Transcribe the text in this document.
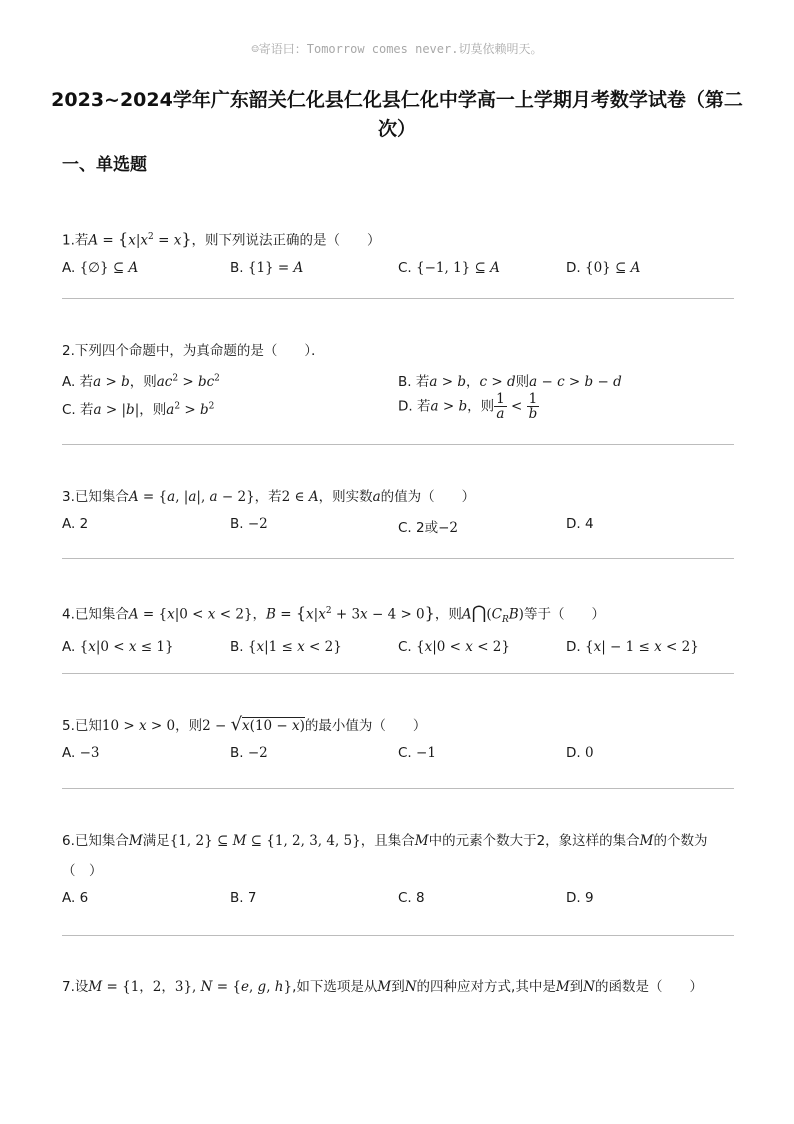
☺寄语曰：Tomorrow comes never.切莫依赖明天。
2023~2024学年广东韶关仁化县仁化县仁化中学高一上学期月考数学试卷（第二次）
一、单选题
1.若$A = \{x|x^2 = x\}$，则下列说法正确的是（　　）
A. {∅} ⊆ A	B. {1} = A	C. {−1, 1} ⊆ A	D. {0} ⊆ A
2.下列四个命题中，为真命题的是（　　）．
A. 若a > b，则$ac^2 > bc^2$	B. 若a > b，c > d则a − c > b − d
C. 若a > |b|，则$a^2 > b^2$	D. 若a > b，则 $\frac{1}{a} < \frac{1}{b}$
3.已知集合A = {a, |a|, a − 2}，若2 ∈ A，则实数a的值为（　　）
A. 2	B. −2	C. 2或−2	D. 4
4.已知集合A = {x|0 < x < 2}，$B = \{x|x^2 + 3x - 4 > 0\}$，则$A⋂(C_RB)$等于（　　）
A. {x|0 < x ≤ 1}	B. {x|1 ≤ x < 2}	C. {x|0 < x < 2}	D. {x| − 1 ≤ x < 2}
5.已知10 > x > 0，则2 − √x(10 − x)的最小值为（　　）
A. −3	B. −2	C. −1	D. 0
6.已知集合M满足{1, 2} ⊆ M ⊆ {1, 2, 3, 4, 5}，且集合M中的元素个数大于2，象这样的集合M的个数为
（　）
A. 6	B. 7	C. 8	D. 9
7.设M = {1，2，3}, N = {e, g, h},如下选项是从M到N的四种应对方式,其中是M到N的函数是（　　）
